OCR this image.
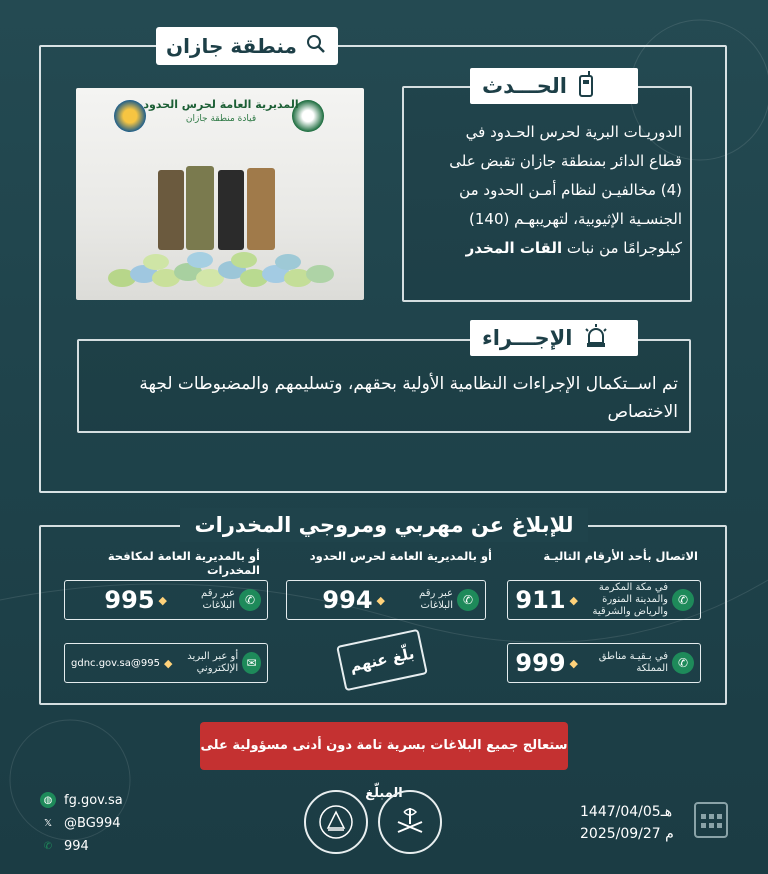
منطقة جازان
المديرية العامة لحرس الحدود
قيادة منطقة جازان
الحـــدث
الدوريـات البرية لحرس الحـدود في
قطاع الدائر بمنطقة جازان تقبض على
(4) مخالفيـن لنظام أمـن الحدود من
الجنسـية الإثيوبية، لتهريبهـم (140)
كيلوجرامًا من نبات القات المخدر
الإجـــراء
تم اســتكمال الإجراءات النظامية الأولية بحقهم، وتسليمهم والمضبوطات لجهة الاختصاص
للإبلاغ عن مهربي ومروجي المخدرات
الاتصال بأحد الأرقام التاليـة
أو بالمديرية العامة لحرس الحدود
أو بالمديرية العامة لمكافحة المخدرات
✆
في مكة المكرمة والمدينة المنورة والرياض والشرقية
◆
911
✆
في بـقيـة مناطق المملكة
◆
999
✆
عبر رقم البلاغات
◆
994
✆
عبر رقم البلاغات
◆
995
✉
أو عبر البريد الإلكتروني
◆
995@gdnc.gov.sa	بلّغ عنهم
ستعالج جميع البلاغات بسرية تامة دون أدنى مسؤولية على المبلّغ
◍ fg.gov.sa
𝕏 @BG994
✆ 994
1447/04/05هـ
2025/09/27 م
